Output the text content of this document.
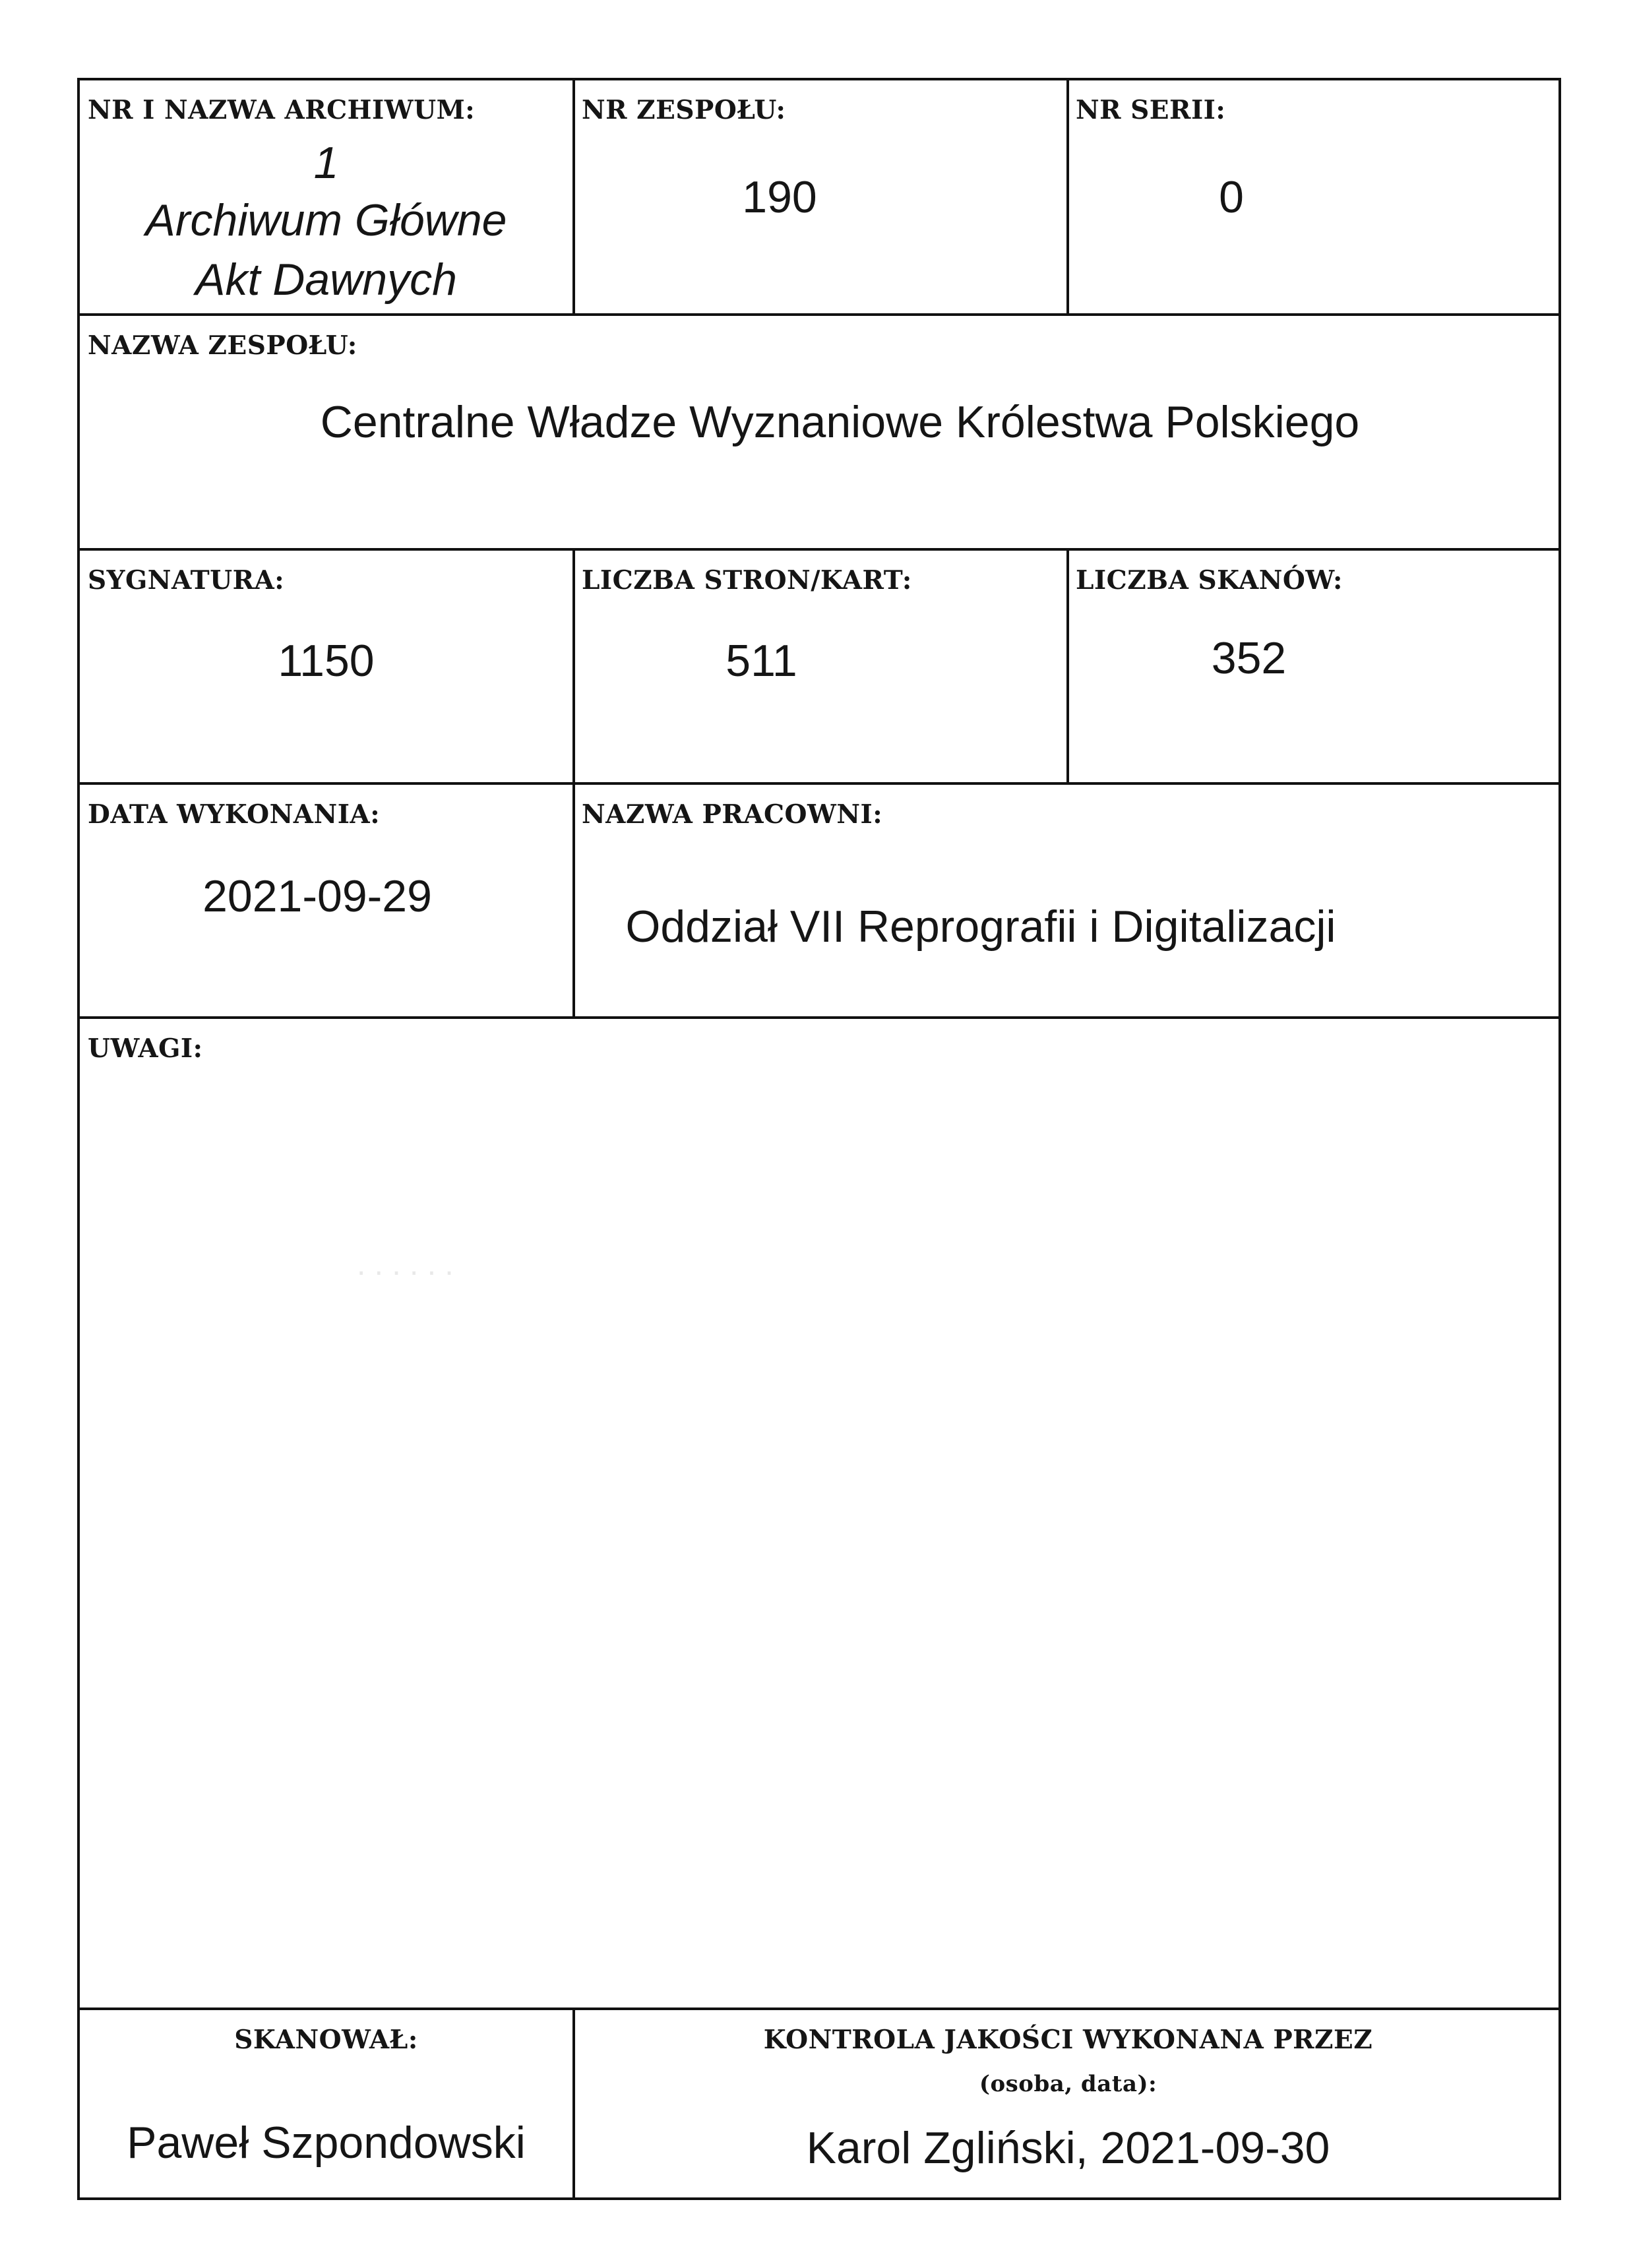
NR I NAZWA ARCHIWUM:
1
Archiwum Główne
Akt Dawnych
NR ZESPOŁU:
190
NR SERII:
0
NAZWA ZESPOŁU:
Centralne Władze Wyznaniowe Królestwa Polskiego
SYGNATURA:
1150
LICZBA STRON/KART:
511
LICZBA SKANÓW:
352
DATA WYKONANIA:
2021-09-29
NAZWA PRACOWNI:
Oddział VII Reprografii i Digitalizacji
UWAGI:
. . . . . .
SKANOWAŁ:
Paweł Szpondowski
KONTROLA JAKOŚCI WYKONANA PRZEZ
(osoba, data):
Karol Zgliński, 2021-09-30
